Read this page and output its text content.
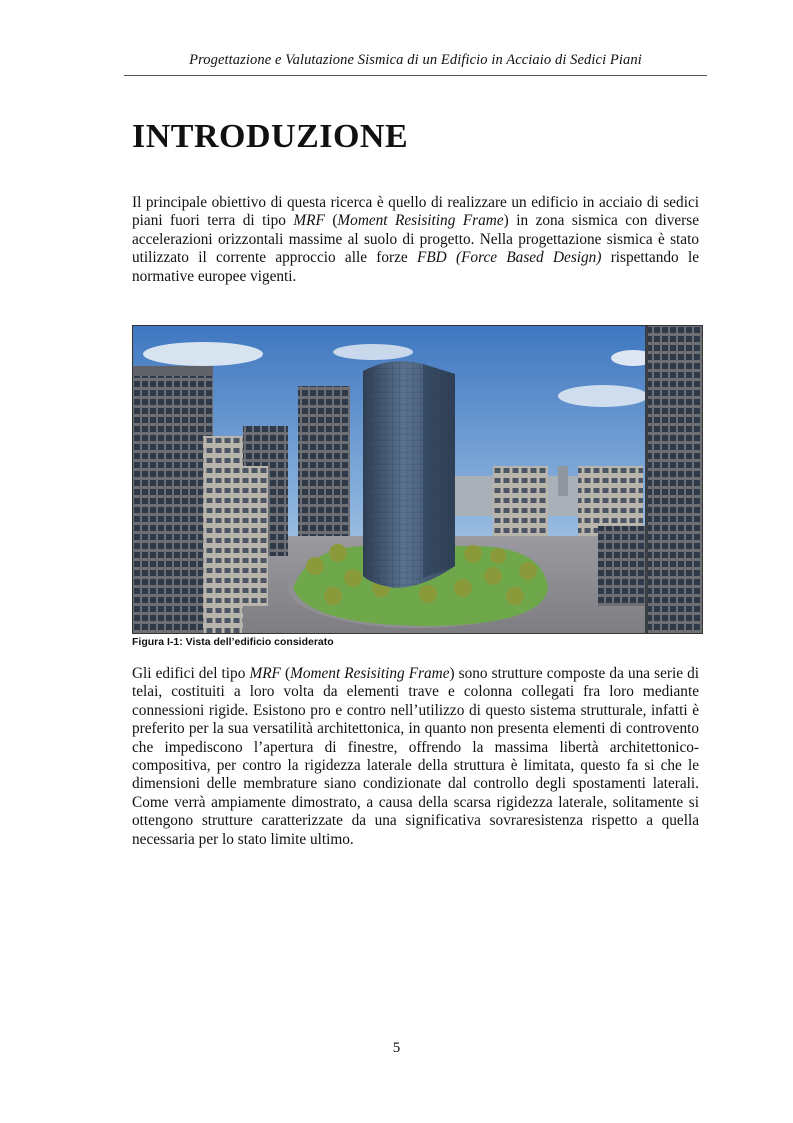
Progettazione e Valutazione Sismica di un Edificio in Acciaio di Sedici Piani
INTRODUZIONE

Il principale obiettivo di questa ricerca è quello di realizzare un edificio in acciaio di sedici piani fuori terra di tipo MRF (Moment Resisiting Frame) in zona sismica con diverse accelerazioni orizzontali massime al suolo di progetto. Nella progettazione sismica è stato utilizzato il corrente approccio alle forze FBD (Force Based Design) rispettando le normative europee vigenti.

Figura I-1: Vista dell’edificio considerato

Gli edifici del tipo MRF (Moment Resisiting Frame) sono strutture composte da una serie di telai, costituiti a loro volta da elementi trave e colonna collegati fra loro mediante connessioni rigide. Esistono pro e contro nell’utilizzo di questo sistema strutturale, infatti è preferito per la sua versatilità architettonica, in quanto non presenta elementi di controvento che impediscono l’apertura di finestre, offrendo la massima libertà architettonico-compositiva, per contro la rigidezza laterale della struttura è limitata, questo fa si che le dimensioni delle membrature siano condizionate dal controllo degli spostamenti laterali. Come verrà ampiamente dimostrato, a causa della scarsa rigidezza laterale, solitamente si ottengono strutture caratterizzate da una significativa sovraresistenza rispetto a quella necessaria per lo stato limite ultimo.

5
